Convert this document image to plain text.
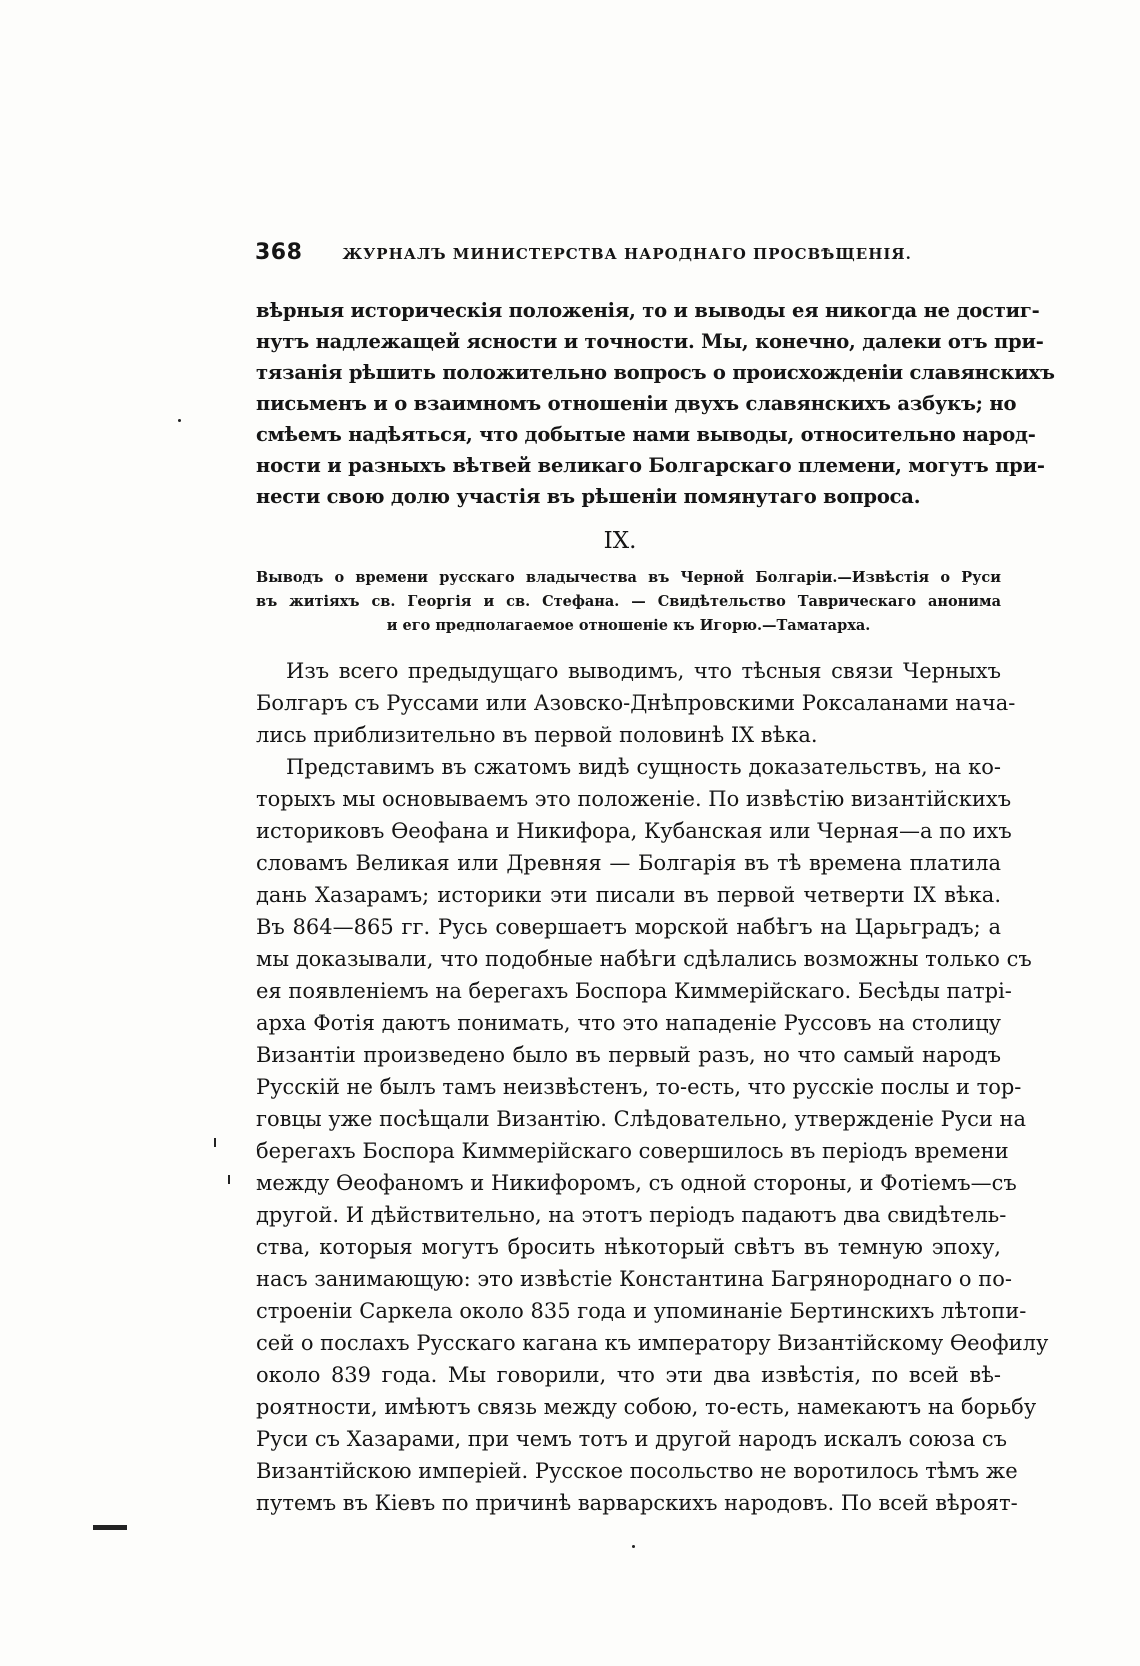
368	ЖУРНАЛЪ МИНИСТЕРСТВА НАРОДНАГО ПРОСВѢЩЕНІЯ.
вѣрныя историческія положенія, то и выводы ея никогда не достиг-
нутъ надлежащей ясности и точности. Мы, конечно, далеки отъ при-
тязанія рѣшить положительно вопросъ о происхожденіи славянскихъ
письменъ и о взаимномъ отношеніи двухъ славянскихъ азбукъ; но
смѣемъ надѣяться, что добытые нами выводы, относительно народ-
ности и разныхъ вѣтвей великаго Болгарскаго племени, могутъ при-
нести свою долю участія въ рѣшеніи помянутаго вопроса.
IX.
Выводъ о времени русскаго владычества въ Черной Болгаріи.—Извѣстія о Руси
въ житіяхъ св. Георгія и св. Стефана. — Свидѣтельство Таврическаго анонима
и его предполагаемое отношеніе къ Игорю.—Таматарха.
Изъ всего предыдущаго выводимъ, что тѣсныя связи Черныхъ
Болгаръ съ Руссами или Азовско-Днѣпровскими Роксаланами нача-
лись приблизительно въ первой половинѣ IX вѣка.
Представимъ въ сжатомъ видѣ сущность доказательствъ, на ко-
торыхъ мы основываемъ это положеніе. По извѣстію византійскихъ
историковъ Ѳеофана и Никифора, Кубанская или Черная—а по ихъ
словамъ Великая или Древняя — Болгарія въ тѣ времена платила
дань Хазарамъ; историки эти писали въ первой четверти IX вѣка.
Въ 864—865 гг. Русь совершаетъ морской набѣгъ на Царьградъ; а
мы доказывали, что подобные набѣги сдѣлались возможны только съ
ея появленіемъ на берегахъ Боспора Киммерійскаго. Бесѣды патрі-
арха Фотія даютъ понимать, что это нападеніе Руссовъ на столицу
Византіи произведено было въ первый разъ, но что самый народъ
Русскій не былъ тамъ неизвѣстенъ, то-есть, что русскіе послы и тор-
говцы уже посѣщали Византію. Слѣдовательно, утвержденіе Руси на
берегахъ Боспора Киммерійскаго совершилось въ періодъ времени
между Ѳеофаномъ и Никифоромъ, съ одной стороны, и Фотіемъ—съ
другой. И дѣйствительно, на этотъ періодъ падаютъ два свидѣтель-
ства, которыя могутъ бросить нѣкоторый свѣтъ въ темную эпоху,
насъ занимающую: это извѣстіе Константина Багрянороднаго о по-
строеніи Саркела около 835 года и упоминаніе Бертинскихъ лѣтопи-
сей о послахъ Русскаго кагана къ императору Византійскому Ѳеофилу
около 839 года. Мы говорили, что эти два извѣстія, по всей вѣ-
роятности, имѣютъ связь между собою, то-есть, намекаютъ на борьбу
Руси съ Хазарами, при чемъ тотъ и другой народъ искалъ союза съ
Византійскою имперіей. Русское посольство не воротилось тѣмъ же
путемъ въ Кіевъ по причинѣ варварскихъ народовъ. По всей вѣроят-
